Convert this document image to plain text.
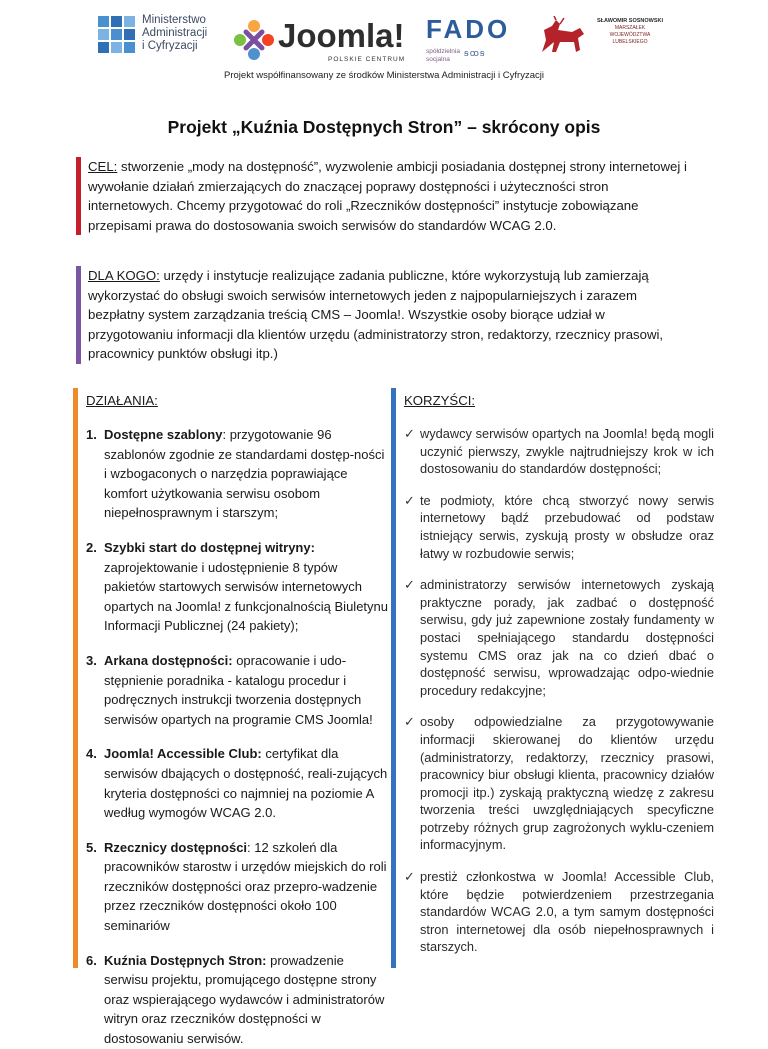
Ministerstwo
Administracji
i Cyfryzacji Joomla!
POLSKIE CENTRUM
FADO
spółdzielnia
socjalna
ꞩꝏꞩ
SŁAWOMIR SOSNOWSKI
MARSZAŁEK
WOJEWÓDZTWA LUBELSKIEGO
Projekt współfinansowany ze środków Ministerstwa Administracji i Cyfryzacji
Projekt „Kuźnia Dostępnych Stron” – skrócony opis
CEL: stworzenie „mody na dostępność”, wyzwolenie ambicji posiadania dostępnej strony internetowej i wywołanie działań zmierzających do znaczącej poprawy dostępności i użyteczności stron internetowych. Chcemy przygotować do roli „Rzeczników dostępności” instytucje zobowiązane przepisami prawa do dostosowania swoich serwisów do standardów WCAG 2.0.
DLA KOGO: urzędy i instytucje realizujące zadania publiczne, które wykorzystują lub zamierzają wykorzystać do obsługi swoich serwisów internetowych jeden z najpopularniejszych i zarazem bezpłatny system zarządzania treścią CMS – Joomla!. Wszystkie osoby biorące udział w przygotowaniu informacji dla klientów urzędu (administratorzy stron, redaktorzy, rzecznicy prasowi, pracownicy punktów obsługi itp.)
DZIAŁANIA:
1. Dostępne szablony: przygotowanie 96 szablonów zgodnie ze standardami dostęp-ności i wzbogaconych o narzędzia poprawiające komfort użytkowania serwisu osobom niepełnosprawnym i starszym;
2. Szybki start do dostępnej witryny: zaprojektowanie i udostępnienie 8 typów pakietów startowych serwisów internetowych opartych na Joomla! z funkcjonalnością Biuletynu Informacji Publicznej (24 pakiety);
3. Arkana dostępności: opracowanie i udo-stępnienie poradnika - katalogu procedur i podręcznych instrukcji tworzenia dostępnych serwisów opartych na programie CMS Joomla!
4. Joomla! Accessible Club: certyfikat dla serwisów dbających o dostępność, reali-zujących kryteria dostępności co najmniej na poziomie A według wymogów WCAG 2.0.
5. Rzecznicy dostępności: 12 szkoleń dla pracowników starostw i urzędów miejskich do roli rzeczników dostępności oraz przepro-wadzenie przez rzeczników dostępności około 100 seminariów
6. Kuźnia Dostępnych Stron: prowadzenie serwisu projektu, promującego dostępne strony oraz wspierającego wydawców i administratorów witryn oraz rzeczników dostępności w dostosowaniu serwisów.
KORZYŚCI:
✓ wydawcy serwisów opartych na Joomla! będą mogli uczynić pierwszy, zwykle najtrudniejszy krok w ich dostosowaniu do standardów dostępności;
✓ te podmioty, które chcą stworzyć nowy serwis internetowy bądź przebudować od podstaw istniejący serwis, zyskują prosty w obsłudze oraz łatwy w rozbudowie serwis;
✓ administratorzy serwisów internetowych zyskają praktyczne porady, jak zadbać o dostępność serwisu, gdy już zapewnione zostały fundamenty w postaci spełniającego standardu dostępności systemu CMS oraz jak na co dzień dbać o dostępność serwisu, wprowadzając odpo-wiednie procedury redakcyjne;
✓ osoby odpowiedzialne za przygotowywanie informacji skierowanej do klientów urzędu (administratorzy, redaktorzy, rzecznicy prasowi, pracownicy biur obsługi klienta, pracownicy działów promocji itp.) zyskają praktyczną wiedzę z zakresu tworzenia treści uwzględniających specyficzne potrzeby różnych grup zagrożonych wyklu-czeniem informacyjnym.
✓ prestiż członkostwa w Joomla! Accessible Club, które będzie potwierdzeniem przestrzegania standardów WCAG 2.0, a tym samym dostępności stron internetowej dla osób niepełnosprawnych i starszych.
